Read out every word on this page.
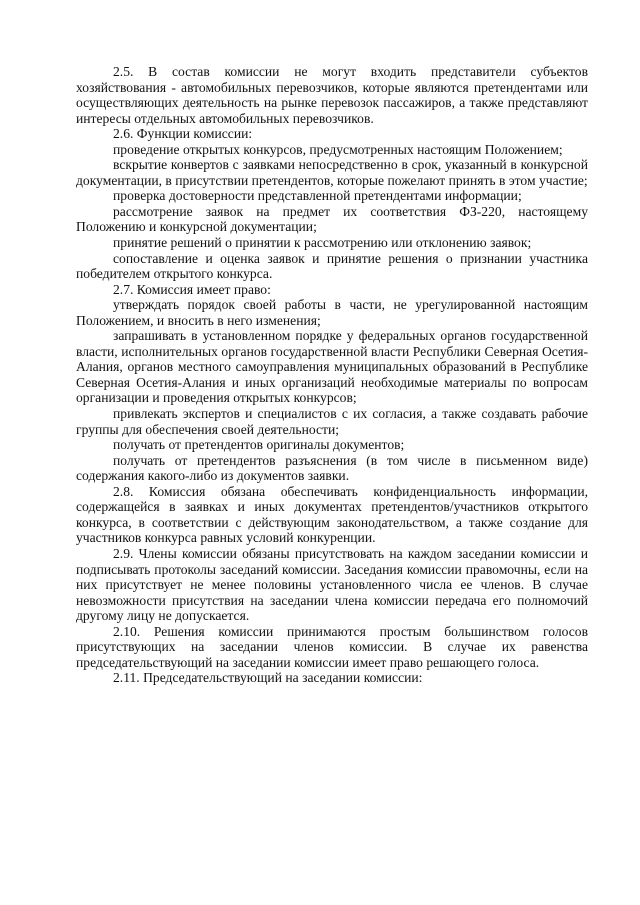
2.5. В состав комиссии не могут входить представители субъектов хозяйствования - автомобильных перевозчиков, которые являются претендентами или осуществляющих деятельность на рынке перевозок пассажиров, а также представляют интересы отдельных автомобильных перевозчиков.

2.6. Функции комиссии:

проведение открытых конкурсов, предусмотренных настоящим Положением;

вскрытие конвертов с заявками непосредственно в срок, указанный в конкурсной документации, в присутствии претендентов, которые пожелают принять в этом участие;

проверка достоверности представленной претендентами информации;

рассмотрение заявок на предмет их соответствия ФЗ-220, настоящему Положению и конкурсной документации;

принятие решений о принятии к рассмотрению или отклонению заявок;

сопоставление и оценка заявок и принятие решения о признании участника победителем открытого конкурса.

2.7. Комиссия имеет право:

утверждать порядок своей работы в части, не урегулированной настоящим Положением, и вносить в него изменения;

запрашивать в установленном порядке у федеральных органов государственной власти, исполнительных органов государственной власти Республики Северная Осетия-Алания, органов местного самоуправления муниципальных образований в Республике Северная Осетия-Алания и иных организаций необходимые материалы по вопросам организации и проведения открытых конкурсов;

привлекать экспертов и специалистов с их согласия, а также создавать рабочие группы для обеспечения своей деятельности;

получать от претендентов оригиналы документов;

получать от претендентов разъяснения (в том числе в письменном виде) содержания какого-либо из документов заявки.

2.8. Комиссия обязана обеспечивать конфиденциальность информации, содержащейся в заявках и иных документах претендентов/участников открытого конкурса, в соответствии с действующим законодательством, а также создание для участников конкурса равных условий конкуренции.

2.9. Члены комиссии обязаны присутствовать на каждом заседании комиссии и подписывать протоколы заседаний комиссии. Заседания комиссии правомочны, если на них присутствует не менее половины установленного числа ее членов. В случае невозможности присутствия на заседании члена комиссии передача его полномочий другому лицу не допускается.

2.10. Решения комиссии принимаются простым большинством голосов присутствующих на заседании членов комиссии. В случае их равенства председательствующий на заседании комиссии имеет право решающего голоса.

2.11. Председательствующий на заседании комиссии:
